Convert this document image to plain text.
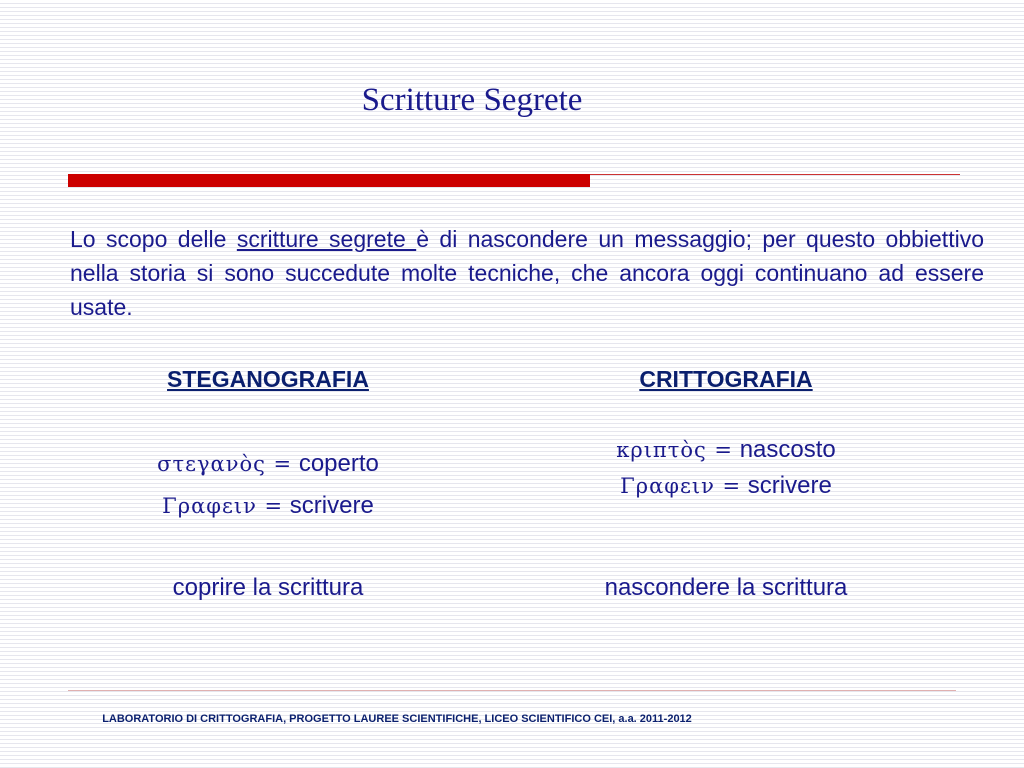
Scritture Segrete

Lo scopo delle scritture segrete è di nascondere un messaggio; per questo obbiettivo nella storia si sono succedute molte tecniche, che ancora oggi continuano ad essere usate.

STEGANOGRAFIA
στεγανὸς = coperto
Γραφειν = scrivere
coprire la scrittura
CRITTOGRAFIA
κριπτὸς = nascosto
Γραφειν = scrivere
nascondere la scrittura
LABORATORIO DI CRITTOGRAFIA, PROGETTO LAUREE SCIENTIFICHE, LICEO SCIENTIFICO CEI, a.a. 2011-2012
